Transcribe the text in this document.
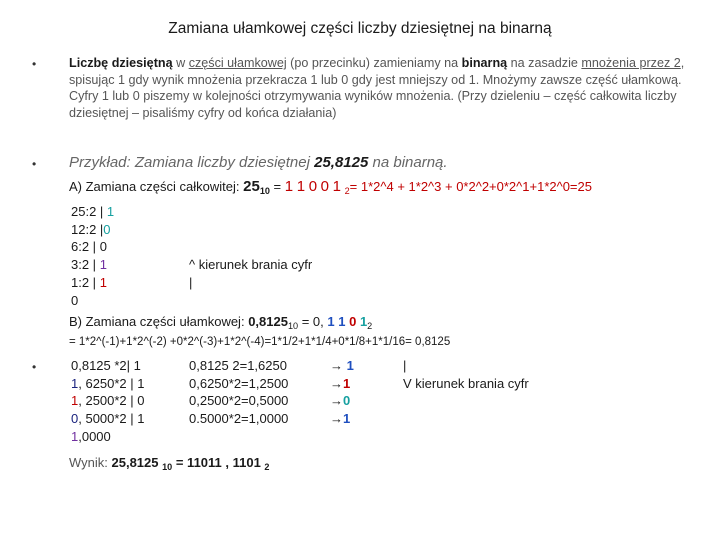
Zamiana ułamkowej części liczby dziesiętnej na binarną
•	Liczbę dziesiętną w części ułamkowej (po przecinku) zamieniamy na binarną na zasadzie mnożenia przez 2, spisując 1 gdy wynik mnożenia przekracza 1 lub 0 gdy jest mniejszy od 1. Mnożymy zawsze część ułamkową. Cyfry 1 lub 0 piszemy w kolejności otrzymywania wyników mnożenia. (Przy dzieleniu – część całkowita liczby dziesiętnej – pisaliśmy cyfry od końca działania)
• Przykład: Zamiana liczby dziesiętnej 25,8125 na binarną.
A) Zamiana części całkowitej: $25_{10} = 1$ 1 0 0 1 $_2$= 1*2^4 + 1*2^3 + 0*2^2+0*2^1+1*2^0=25
25:2 | 1
12:2 |0
6:2 | 0
3:2 | 1
1:2 | 1
0
^ kierunek brania cyfr
|
B) Zamiana części ułamkowej: $0,8125_{10} = 0$, 1 1 0 $1_2$
= 1*2^(-1)+1*2^(-2) +0*2^(-3)+1*2^(-4)=1*1/2+1*1/4+0*1/8+1*1/16= 0,8125
•	0,8125 *2| 1
1, 6250*2 | 1
1, 2500*2 | 0
0, 5000*2 | 1
1,0000
0,8125 2=1,6250
0,6250*2=1,2500
0,2500*2=0,5000
0.5000*2=1,0000
→ 1
→1
→0
→1
|
V kierunek brania cyfr
Wynik: 25,8125 $_{10}$ = 11011 , 1101 $_2$
